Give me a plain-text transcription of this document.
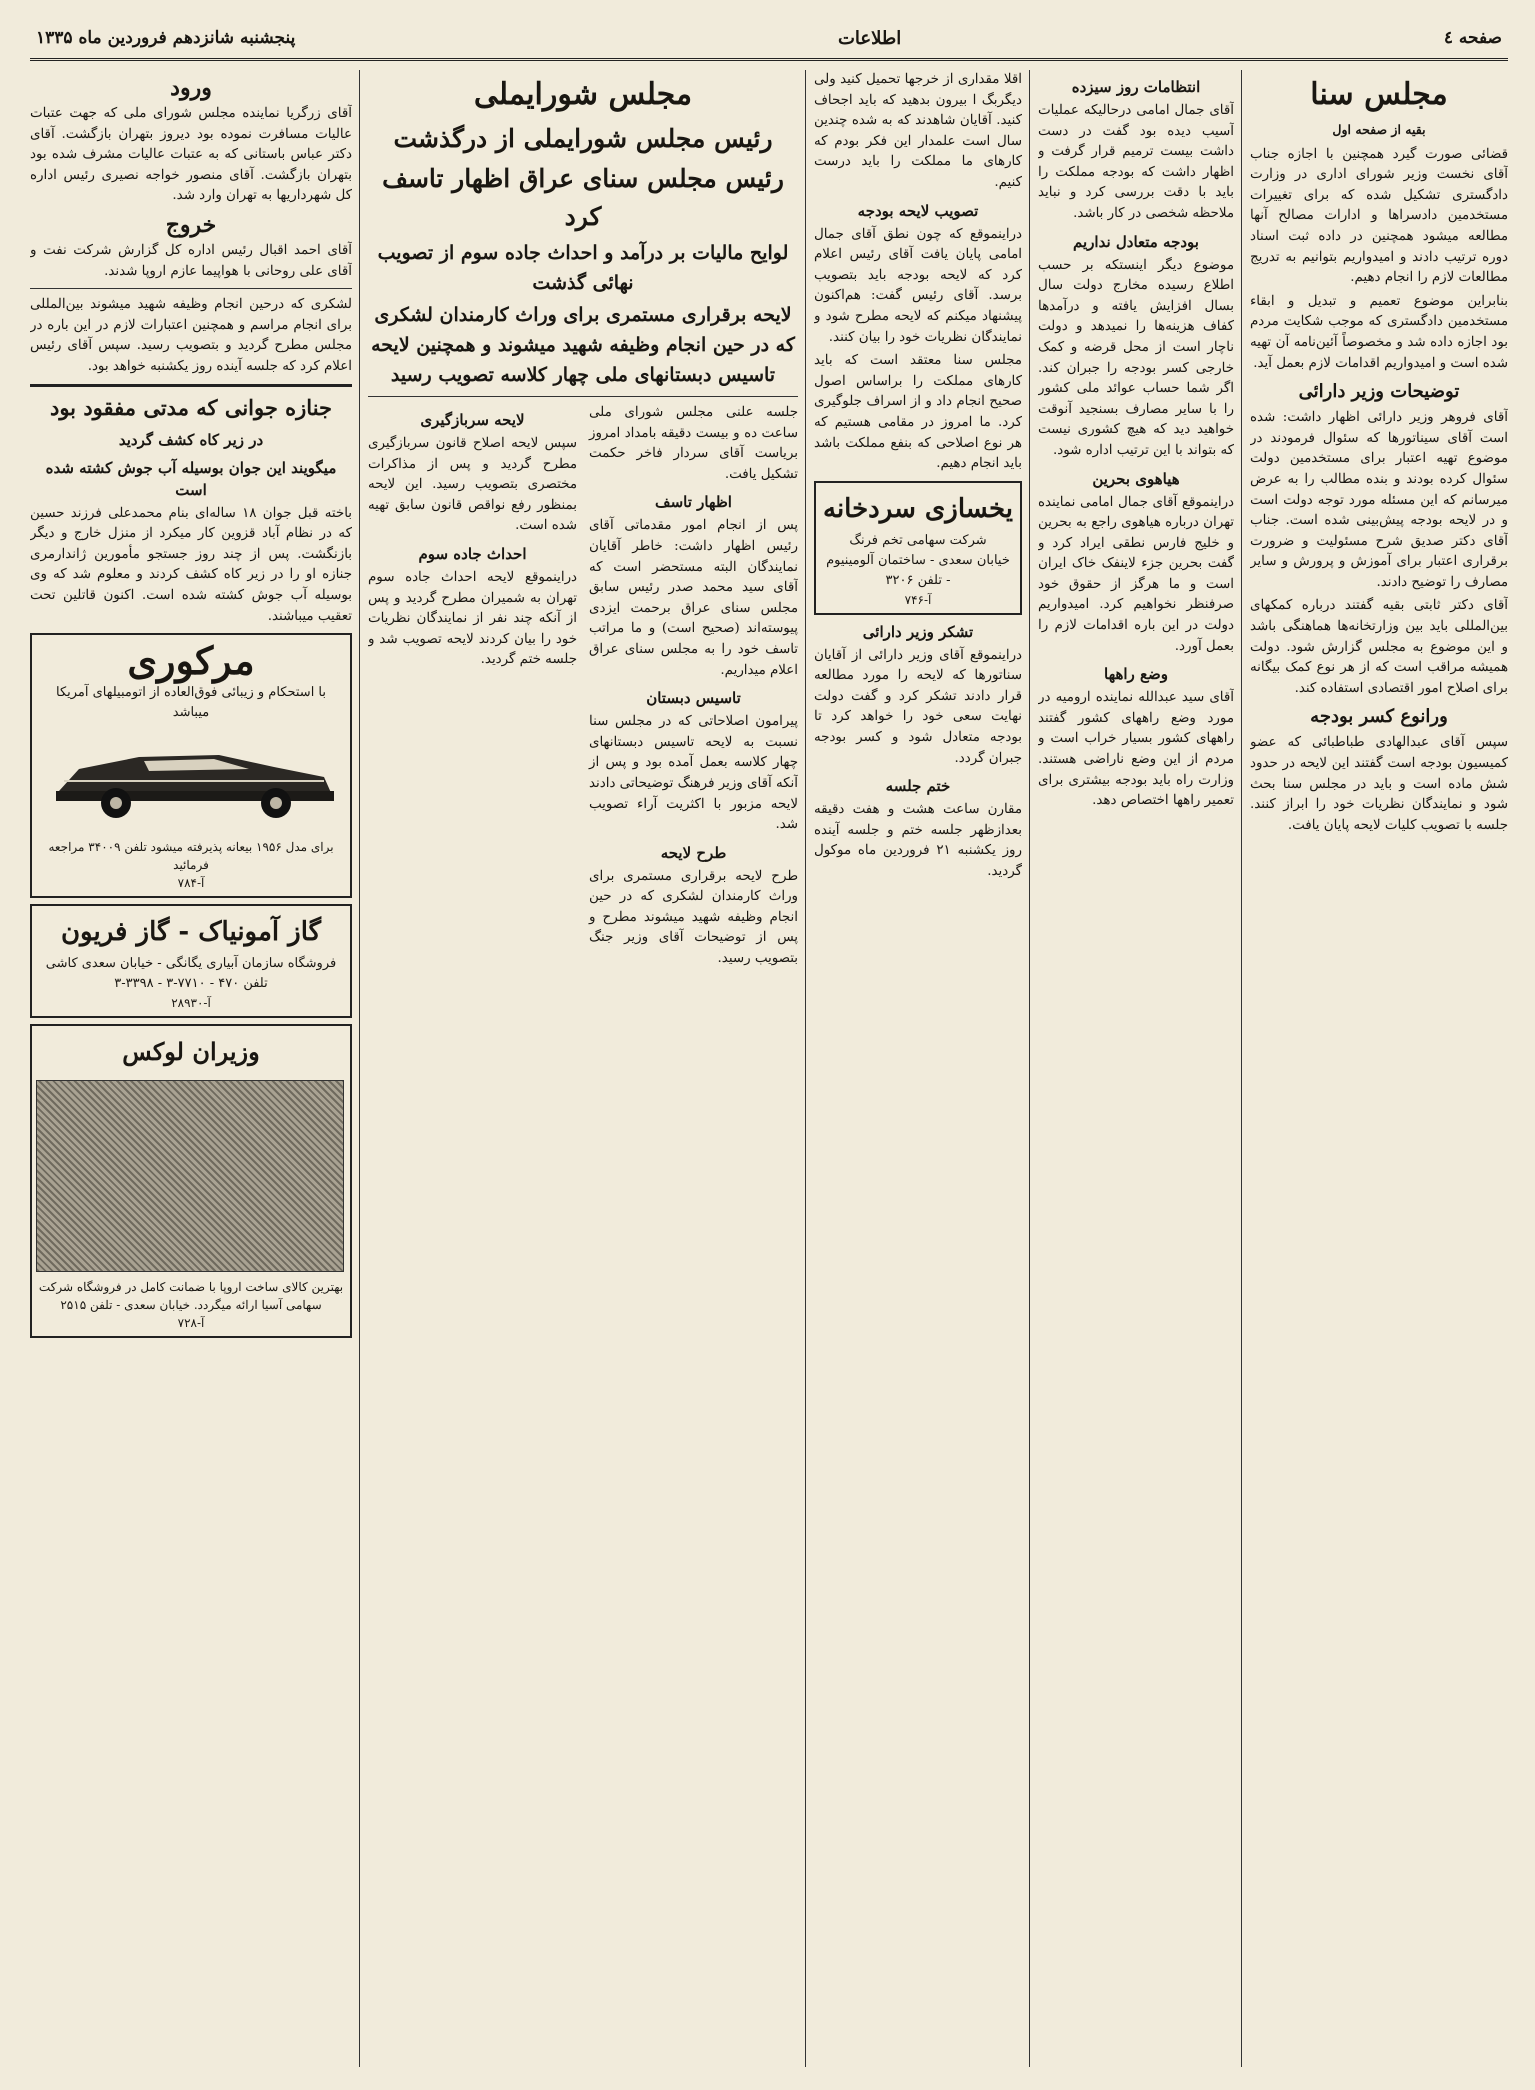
صفحه ٤
اطلاعات
پنجشنبه شانزدهم فروردین ماه ۱۳۳۵
مجلس سنا
بقیه از صفحه اول

قضائی صورت گیرد همچنین با اجازه جناب آقای نخست وزیر شورای اداری در وزارت دادگستری تشکیل شده که برای تغییرات مستخدمین دادسراها و ادارات مصالح آنها مطالعه میشود همچنین در داده ثبت اسناد دوره ترتیب دادند و امیدواریم بتوانیم به تدریج مطالعات لازم را انجام دهیم.

بنابراین موضوع تعمیم و تبدیل و ابقاء مستخدمین دادگستری که موجب شکایت مردم بود اجازه داده شد و مخصوصاً آئین‌نامه آن تهیه شده است و امیدواریم اقدامات لازم بعمل آید.

توضیحات وزیر دارائی

آقای فروهر وزیر دارائی اظهار داشت: شده است آقای سیناتورها که سئوال فرمودند در موضوع تهیه اعتبار برای مستخدمین دولت سئوال کرده بودند و بنده مطالب را به عرض میرسانم که این مسئله مورد توجه دولت است و در لایحه بودجه پیش‌بینی شده است. جناب آقای دکتر صدیق شرح مسئولیت و ضرورت برقراری اعتبار برای آموزش و پرورش و سایر مصارف را توضیح دادند.

آقای دکتر ثابتی بقیه گفتند درباره کمکهای بین‌المللی باید بین وزارتخانه‌ها هماهنگی باشد و این موضوع به مجلس گزارش شود. دولت همیشه مراقب است که از هر نوع کمک بیگانه برای اصلاح امور اقتصادی استفاده کند.

ورانوع کسر بودجه

سپس آقای عبدالهادی طباطبائی که عضو کمیسیون بودجه است گفتند این لایحه در حدود شش ماده است و باید در مجلس سنا بحث شود و نمایندگان نظریات خود را ابراز کنند. جلسه با تصویب کلیات لایحه پایان یافت.

انتظامات روز سیزده

آقای جمال امامی درحالیکه عملیات آسیب دیده بود گفت در دست داشت بیست ترمیم قرار گرفت و اظهار داشت که بودجه مملکت را باید با دقت بررسی کرد و نباید ملاحظه شخصی در کار باشد.

بودجه متعادل نداریم

موضوع دیگر اینستکه بر حسب اطلاع رسیده مخارج دولت سال بسال افزایش یافته و درآمدها کفاف هزینه‌ها را نمیدهد و دولت ناچار است از محل قرضه و کمک خارجی کسر بودجه را جبران کند. اگر شما حساب عوائد ملی کشور را با سایر مصارف بسنجید آنوقت خواهید دید که هیچ کشوری نیست که بتواند با این ترتیب اداره شود.

هیاهوی بحرین

دراینموقع آقای جمال امامی نماینده تهران درباره هیاهوی راجع به بحرین و خلیج فارس نطقی ایراد کرد و گفت بحرین جزء لاینفک خاک ایران است و ما هرگز از حقوق خود صرفنظر نخواهیم کرد. امیدواریم دولت در این باره اقدامات لازم را بعمل آورد.

وضع راهها

آقای سید عبدالله نماینده ارومیه در مورد وضع راههای کشور گفتند راههای کشور بسیار خراب است و مردم از این وضع ناراضی هستند. وزارت راه باید بودجه بیشتری برای تعمیر راهها اختصاص دهد.

اقلا مقداری از خرجها تحمیل کنید ولی دیگربگ ا بیرون بدهید که باید اجحاف کنید. آقایان شاهدند که به شده چندین سال است علمدار این فکر بودم که کارهای ما مملکت را باید درست کنیم.

تصویب لایحه بودجه

دراینموقع که چون نطق آقای جمال امامی پایان یافت آقای رئیس اعلام کرد که لایحه بودجه باید بتصویب برسد. آقای رئیس گفت: هم‌اکنون پیشنهاد میکنم که لایحه مطرح شود و نمایندگان نظریات خود را بیان کنند.

مجلس سنا معتقد است که باید کارهای مملکت را براساس اصول صحیح انجام داد و از اسراف جلوگیری کرد. ما امروز در مقامی هستیم که هر نوع اصلاحی که بنفع مملکت باشد باید انجام دهیم.

یخسازی سردخانه
شرکت سهامی تخم فرنگ
خیابان سعدی - ساختمان آلومینیوم - تلفن ۳۲۰۶
آ-۷۴۶
تشکر وزیر دارائی

دراینموقع آقای وزیر دارائی از آقایان سناتورها که لایحه را مورد مطالعه قرار دادند تشکر کرد و گفت دولت نهایت سعی خود را خواهد کرد تا بودجه متعادل شود و کسر بودجه جبران گردد.

ختم جلسه

مقارن ساعت هشت و هفت دقیقه بعدازظهر جلسه ختم و جلسه آینده روز یکشنبه ۲۱ فروردین ماه موکول گردید.

مجلس شورایملی
رئیس مجلس شورایملی از درگذشت
رئیس مجلس سنای عراق اظهار تاسف کرد
لوایح مالیات بر درآمد و احداث جاده سوم از تصویب نهائی گذشت
لایحه برقراری مستمری برای وراث کارمندان لشکری که در حین انجام وظیفه شهید میشوند و همچنین لایحه تاسیس دبستانهای ملی چهار کلاسه تصویب رسید

جلسه علنی مجلس شورای ملی ساعت ده و بیست دقیقه بامداد امروز بریاست آقای سردار فاخر حکمت تشکیل یافت.

اظهار تاسف

پس از انجام امور مقدماتی آقای رئیس اظهار داشت: خاطر آقایان نمایندگان البته مستحضر است که آقای سید محمد صدر رئیس سابق مجلس سنای عراق برحمت ایزدی پیوسته‌اند (صحیح است) و ما مراتب تاسف خود را به مجلس سنای عراق اعلام میداریم.

تاسیس دبستان

پیرامون اصلاحاتی که در مجلس سنا نسبت به لایحه تاسیس دبستانهای چهار کلاسه بعمل آمده بود و پس از آنکه آقای وزیر فرهنگ توضیحاتی دادند لایحه مزبور با اکثریت آراء تصویب شد.

طرح لایحه

طرح لایحه برقراری مستمری برای وراث کارمندان لشکری که در حین انجام وظیفه شهید میشوند مطرح و پس از توضیحات آقای وزیر جنگ بتصویب رسید.

لایحه سربازگیری

سپس لایحه اصلاح قانون سربازگیری مطرح گردید و پس از مذاکرات مختصری بتصویب رسید. این لایحه بمنظور رفع نواقص قانون سابق تهیه شده است.

احداث جاده سوم

دراینموقع لایحه احداث جاده سوم تهران به شمیران مطرح گردید و پس از آنکه چند نفر از نمایندگان نظریات خود را بیان کردند لایحه تصویب شد و جلسه ختم گردید.

ورود

آقای زرگریا نماینده مجلس شورای ملی که جهت عتبات عالیات مسافرت نموده بود دیروز بتهران بازگشت. آقای دکتر عباس باستانی که به عتبات عالیات مشرف شده بود بتهران بازگشت. آقای منصور خواجه نصیری رئیس اداره کل شهرداریها به تهران وارد شد.

خروج

آقای احمد اقبال رئیس اداره کل گزارش شرکت نفت و آقای علی روحانی با هواپیما عازم اروپا شدند.

لشکری که درحین انجام وظیفه شهید میشوند بین‌المللی برای انجام مراسم و همچنین اعتبارات لازم در این باره در مجلس مطرح گردید و بتصویب رسید. سپس آقای رئیس اعلام کرد که جلسه آینده روز یکشنبه خواهد بود.

جنازه جوانی که مدتی مفقود بود
در زیر کاه کشف گردید
میگویند این جوان بوسیله آب جوش کشته شده است

باخته قبل جوان ۱۸ ساله‌ای بنام محمدعلی فرزند حسین که در نظام آباد قزوین کار میکرد از منزل خارج و دیگر بازنگشت. پس از چند روز جستجو مأمورین ژاندارمری جنازه او را در زیر کاه کشف کردند و معلوم شد که وی بوسیله آب جوش کشته شده است. اکنون قاتلین تحت تعقیب میباشند.

مرکوری
با استحکام و زیبائی فوق‌العاده از اتومبیلهای آمریکا میباشد
برای مدل ۱۹۵۶ بیعانه پذیرفته میشود تلفن ۳۴۰۰۹ مراجعه فرمائید
آ-۷۸۴
گاز آمونیاک - گاز فریون
فروشگاه سازمان آبیاری یگانگی - خیابان سعدی کاشی
تلفن ۴۷۰ - ۷۷۱۰-۳ - ۳۳۹۸-۳
آ-۲۸۹۳۰
وزیران لوکس
بهترین کالای ساخت اروپا با ضمانت کامل در فروشگاه شرکت سهامی آسیا ارائه میگردد. خیابان سعدی - تلفن ۲۵۱۵
آ-۷۲۸
